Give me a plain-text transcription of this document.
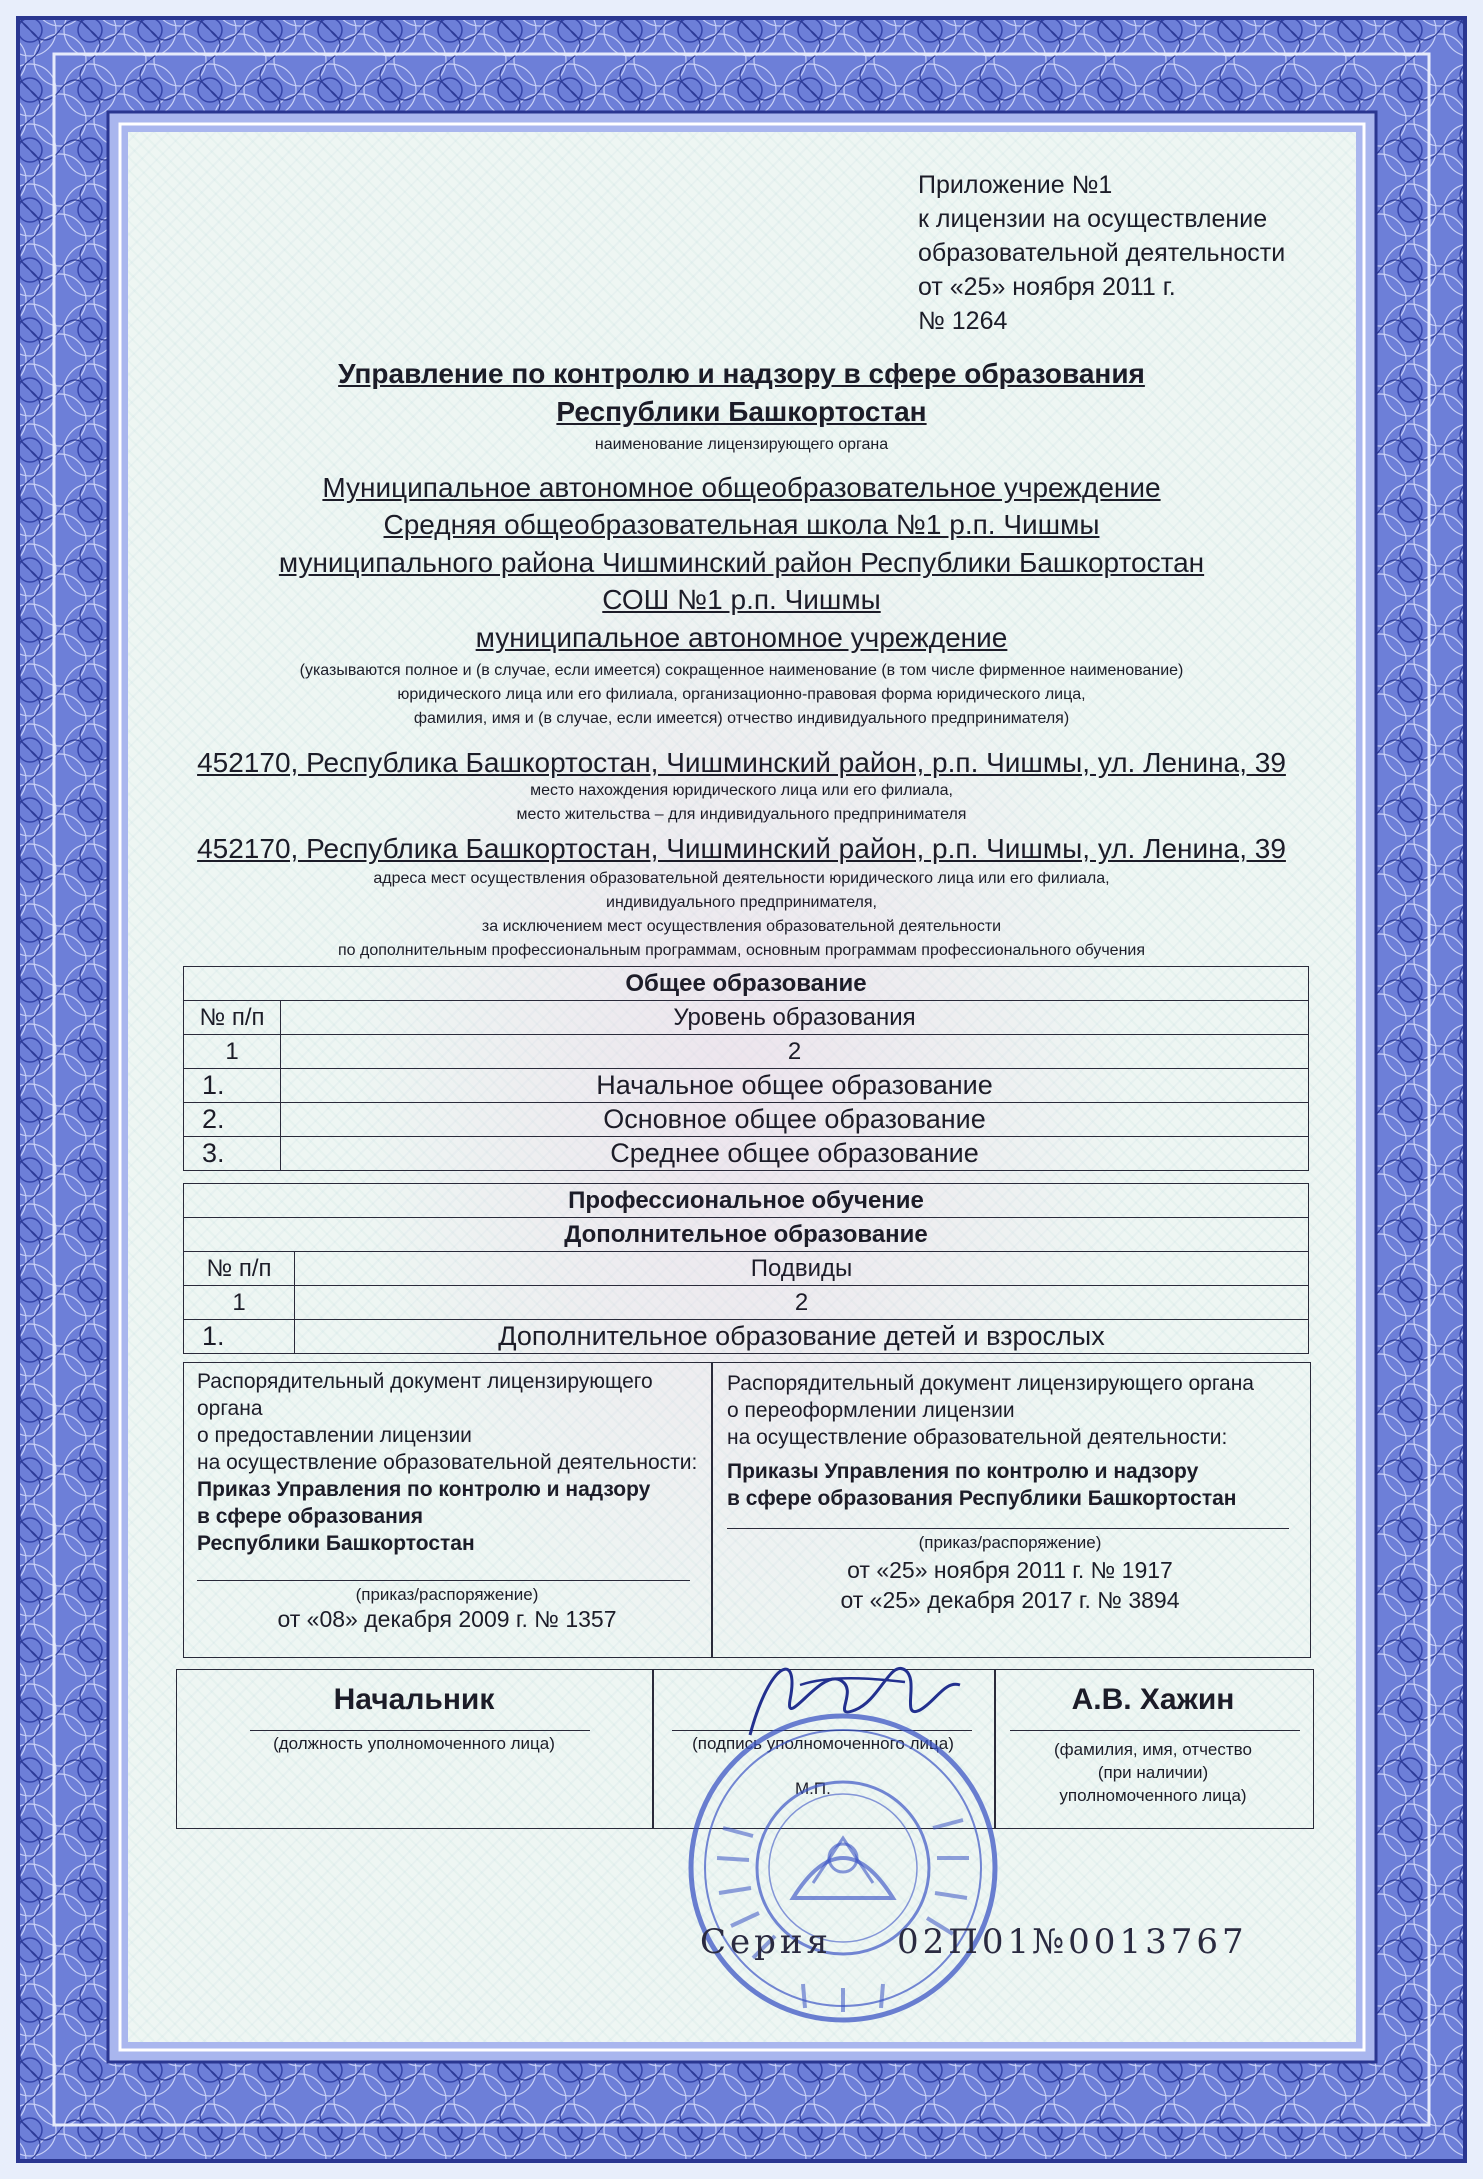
Приложение №1
к лицензии на осуществление
образовательной деятельности
от «25» ноября 2011 г.
№ 1264
Управление по контролю и надзору в сфере образования
Республики Башкортостан
наименование лицензирующего органа
Муниципальное автономное общеобразовательное учреждение
Средняя общеобразовательная школа №1 р.п. Чишмы
муниципального района Чишминский район Республики Башкортостан
СОШ №1 р.п. Чишмы
муниципальное автономное учреждение
(указываются полное и (в случае, если имеется) сокращенное наименование (в том числе фирменное наименование)
юридического лица или его филиала, организационно-правовая форма юридического лица,
фамилия, имя и (в случае, если имеется) отчество индивидуального предпринимателя)
452170, Республика Башкортостан, Чишминский район, р.п. Чишмы, ул. Ленина, 39
место нахождения юридического лица или его филиала,
место жительства – для индивидуального предпринимателя
452170, Республика Башкортостан, Чишминский район, р.п. Чишмы, ул. Ленина, 39
адреса мест осуществления образовательной деятельности юридического лица или его филиала,
индивидуального предпринимателя,
за исключением мест осуществления образовательной деятельности
по дополнительным профессиональным программам, основным программам профессионального обучения
Общее образование	
№ п/п	Уровень образования
1	2
1.	Начальное общее образование
2.	Основное общее образование
3.	Среднее общее образование
Профессиональное обучение	
Дополнительное образование	
№ п/п	Подвиды
1	2
1.	Дополнительное образование детей и взрослых
Распорядительный документ лицензирующего
органа
о предоставлении лицензии
на осуществление образовательной деятельности:
Приказ Управления по контролю и надзору
в сфере образования
Республики Башкортостан
(приказ/распоряжение)
от «08» декабря 2009 г. № 1357
Распорядительный документ лицензирующего органа
о переоформлении лицензии
на осуществление образовательной деятельности:
Приказы Управления по контролю и надзору
в сфере образования Республики Башкортостан
(приказ/распоряжение)
от «25» ноября 2011 г. № 1917
от «25» декабря 2017 г. № 3894
Начальник
(должность уполномоченного лица)	(подпись уполномоченного лица)
М.П.
А.В. Хажин
(фамилия, имя, отчество
(при наличии)
уполномоченного лица)
Серия 02П01
№0013767
